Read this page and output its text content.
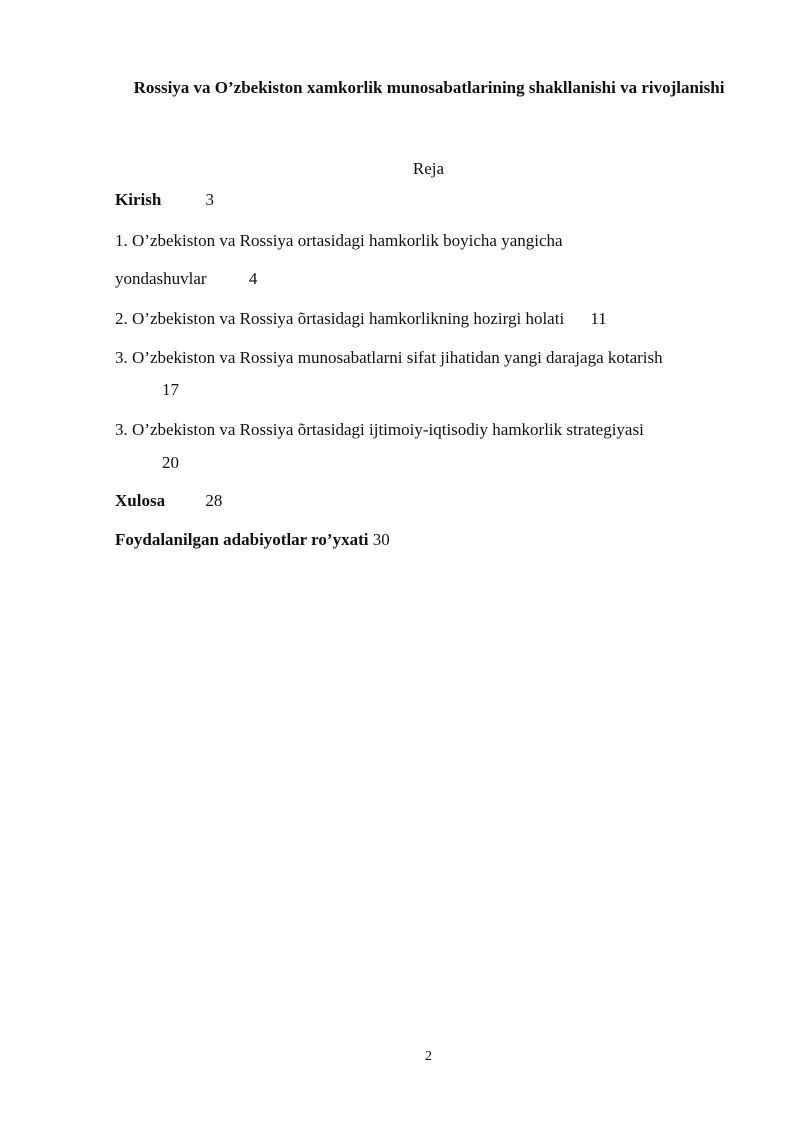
Rossiya va O’zbekiston xamkorlik munosabatlarining shakllanishi va rivojlanishi
Reja
Kirish	3
1. O’zbekiston va Rossiya ortasidagi hamkorlik boyicha yangicha
yondashuvlar 4
2. O’zbekiston va Rossiya õrtasidagi hamkorlikning hozirgi holati 11
3. O’zbekiston va Rossiya munosabatlarni sifat jihatidan yangi darajaga kotarish
17
3. O’zbekiston va Rossiya õrtasidagi ijtimoiy-iqtisodiy hamkorlik strategiyasi
20
Xulosa 28
Foydalanilgan adabiyotlar ro’yxati 30
2
